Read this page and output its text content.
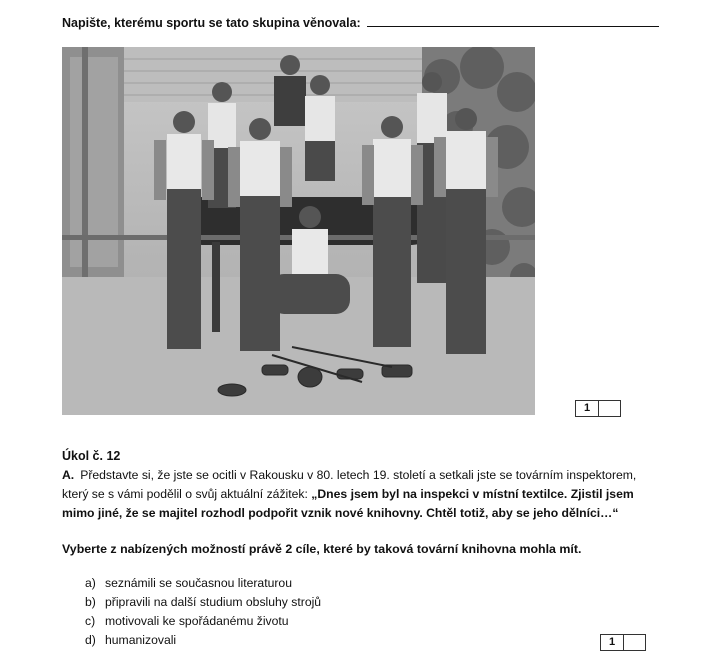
Napište, kterému sportu se tato skupina věnovala:
1
Úkol č. 12
A. Představte si, že jste se ocitli v Rakousku v 80. letech 19. století a setkali jste se továrním inspektorem, který se s vámi podělil o svůj aktuální zážitek: „Dnes jsem byl na inspekci v místní textilce. Zjistil jsem mimo jiné, že se majitel rozhodl podpořit vznik nové knihovny. Chtěl totiž, aby se jeho dělníci…“
Vyberte z nabízených možností právě 2 cíle, které by taková tovární knihovna mohla mít.
a) seznámili se současnou literaturou
b) připravili na další studium obsluhy strojů
c) motivovali ke spořádanému životu
d) humanizovali	1
